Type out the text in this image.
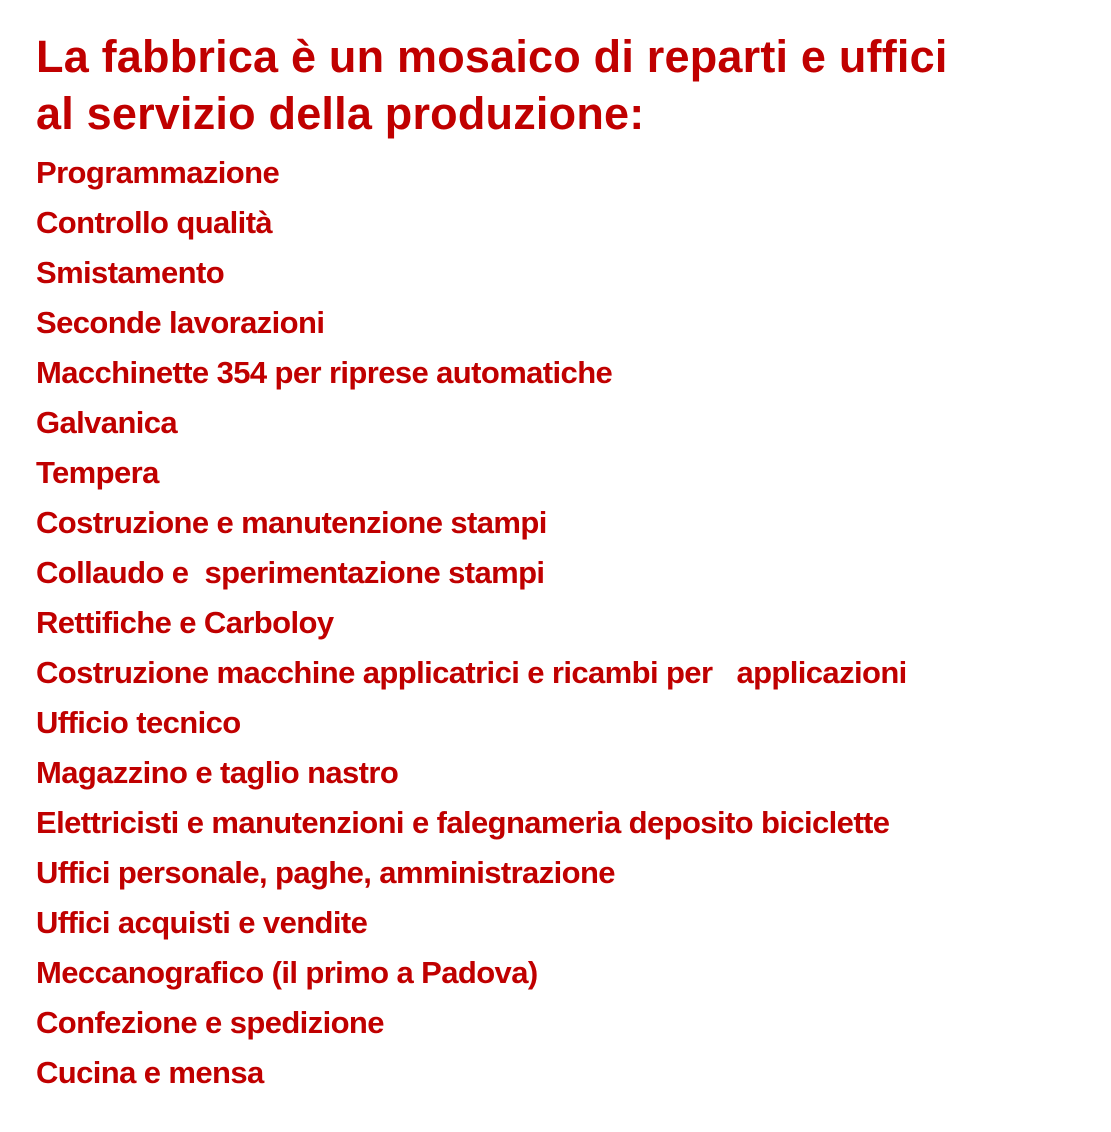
La fabbrica è un mosaico di reparti e uffici
al servizio della produzione:
Programmazione
Controllo qualità
Smistamento
Seconde lavorazioni
Macchinette 354 per riprese automatiche
Galvanica
Tempera
Costruzione e manutenzione stampi
Collaudo e  sperimentazione stampi
Rettifiche e Carboloy
Costruzione macchine applicatrici e ricambi per   applicazioni
Ufficio tecnico
Magazzino e taglio nastro
Elettricisti e manutenzioni e falegnameria deposito biciclette
Uffici personale, paghe, amministrazione
Uffici acquisti e vendite
Meccanografico (il primo a Padova)
Confezione e spedizione
Cucina e mensa
